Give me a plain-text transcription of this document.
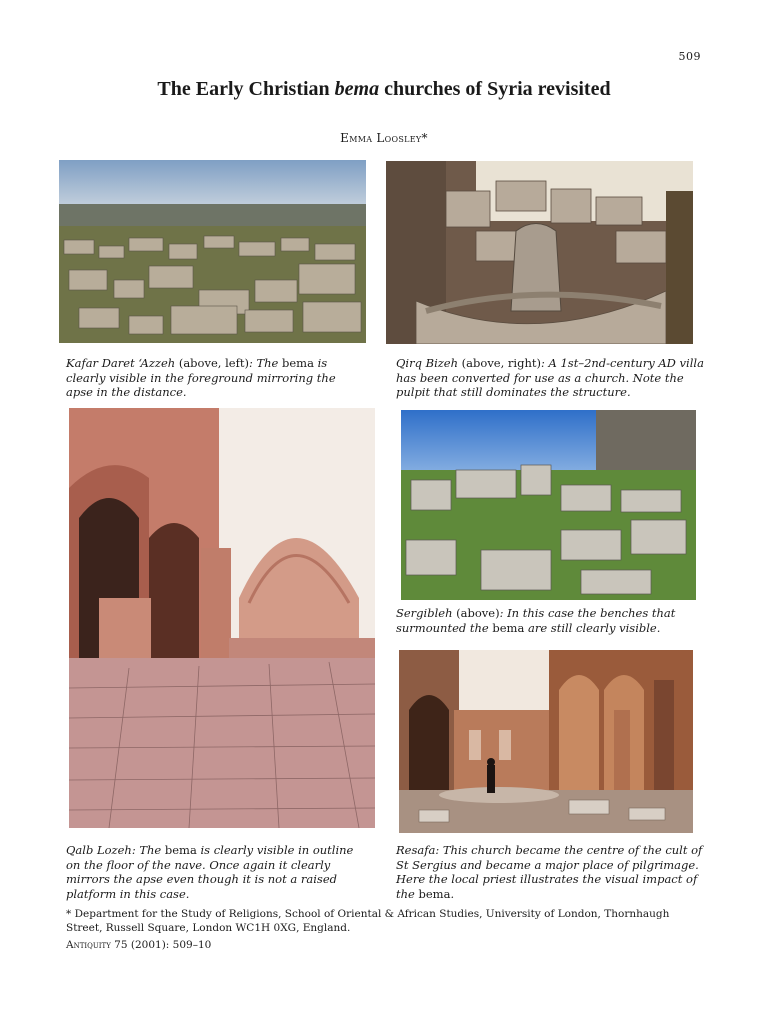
509
The Early Christian bema churches of Syria revisited
Emma Loosley*
Kafar Daret ‘Azzeh (above, left): The bema is clearly visible in the foreground mirroring the apse in the distance.
Qirq Bizeh (above, right): A 1st–2nd-century AD villa has been converted for use as a church. Note the pulpit that still dominates the structure.
Sergibleh (above): In this case the benches that surmounted the bema are still clearly visible.
Qalb Lozeh: The bema is clearly visible in outline on the floor of the nave. Once again it clearly mirrors the apse even though it is not a raised platform in this case.
Resafa: This church became the centre of the cult of St Sergius and became a major place of pilgrimage. Here the local priest illustrates the visual impact of the bema.
* Department for the Study of Religions, School of Oriental & African Studies, University of London, Thornhaugh Street, Russell Square, London WC1H 0XG, England.
Antiquity 75 (2001): 509–10
